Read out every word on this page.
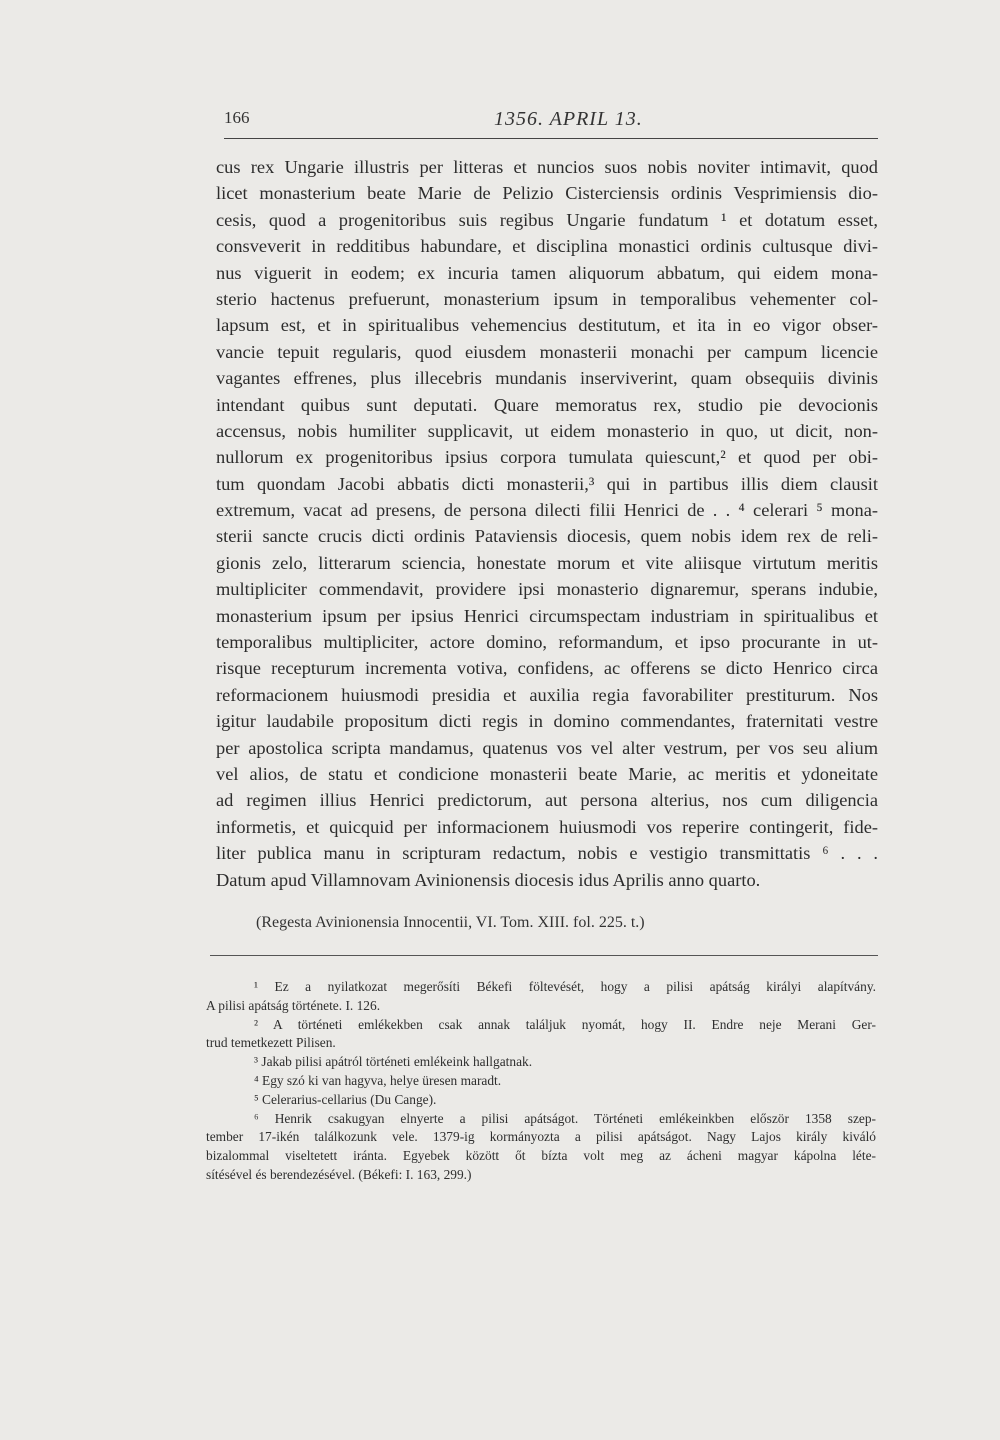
166	1356. APRIL 13.
cus rex Ungarie illustris per litteras et nuncios suos nobis noviter intimavit, quod
licet monasterium beate Marie de Pelizio Cisterciensis ordinis Vesprimiensis dio-
cesis, quod a progenitoribus suis regibus Ungarie fundatum ¹ et dotatum esset,
consveverit in redditibus habundare, et disciplina monastici ordinis cultusque divi-
nus viguerit in eodem; ex incuria tamen aliquorum abbatum, qui eidem mona-
sterio hactenus prefuerunt, monasterium ipsum in temporalibus vehementer col-
lapsum est, et in spiritualibus vehemencius destitutum, et ita in eo vigor obser-
vancie tepuit regularis, quod eiusdem monasterii monachi per campum licencie
vagantes effrenes, plus illecebris mundanis inserviverint, quam obsequiis divinis
intendant quibus sunt deputati. Quare memoratus rex, studio pie devocionis
accensus, nobis humiliter supplicavit, ut eidem monasterio in quo, ut dicit, non-
nullorum ex progenitoribus ipsius corpora tumulata quiescunt,² et quod per obi-
tum quondam Jacobi abbatis dicti monasterii,³ qui in partibus illis diem clausit
extremum, vacat ad presens, de persona dilecti filii Henrici de . . ⁴ celerari ⁵ mona-
sterii sancte crucis dicti ordinis Pataviensis diocesis, quem nobis idem rex de reli-
gionis zelo, litterarum sciencia, honestate morum et vite aliisque virtutum meritis
multipliciter commendavit, providere ipsi monasterio dignaremur, sperans indubie,
monasterium ipsum per ipsius Henrici circumspectam industriam in spiritualibus et
temporalibus multipliciter, actore domino, reformandum, et ipso procurante in ut-
risque recepturum incrementa votiva, confidens, ac offerens se dicto Henrico circa
reformacionem huiusmodi presidia et auxilia regia favorabiliter prestiturum. Nos
igitur laudabile propositum dicti regis in domino commendantes, fraternitati vestre
per apostolica scripta mandamus, quatenus vos vel alter vestrum, per vos seu alium
vel alios, de statu et condicione monasterii beate Marie, ac meritis et ydoneitate
ad regimen illius Henrici predictorum, aut persona alterius, nos cum diligencia
informetis, et quicquid per informacionem huiusmodi vos reperire contingerit, fide-
liter publica manu in scripturam redactum, nobis e vestigio transmittatis ⁶ . . .
Datum apud Villamnovam Avinionensis diocesis idus Aprilis anno quarto.
(Regesta Avinionensia Innocentii, VI. Tom. XIII. fol. 225. t.)
¹ Ez a nyilatkozat megerősíti Békefi föltevését, hogy a pilisi apátság királyi alapítvány.
A pilisi apátság története. I. 126.
² A történeti emlékekben csak annak találjuk nyomát, hogy II. Endre neje Merani Ger-
trud temetkezett Pilisen.
³ Jakab pilisi apátról történeti emlékeink hallgatnak.
⁴ Egy szó ki van hagyva, helye üresen maradt.
⁵ Celerarius-cellarius (Du Cange).
⁶ Henrik csakugyan elnyerte a pilisi apátságot. Történeti emlékeinkben először 1358 szep-
tember 17-ikén találkozunk vele. 1379-ig kormányozta a pilisi apátságot. Nagy Lajos király kiváló
bizalommal viseltetett iránta. Egyebek között őt bízta volt meg az ácheni magyar kápolna léte-
sítésével és berendezésével. (Békefi: I. 163, 299.)
